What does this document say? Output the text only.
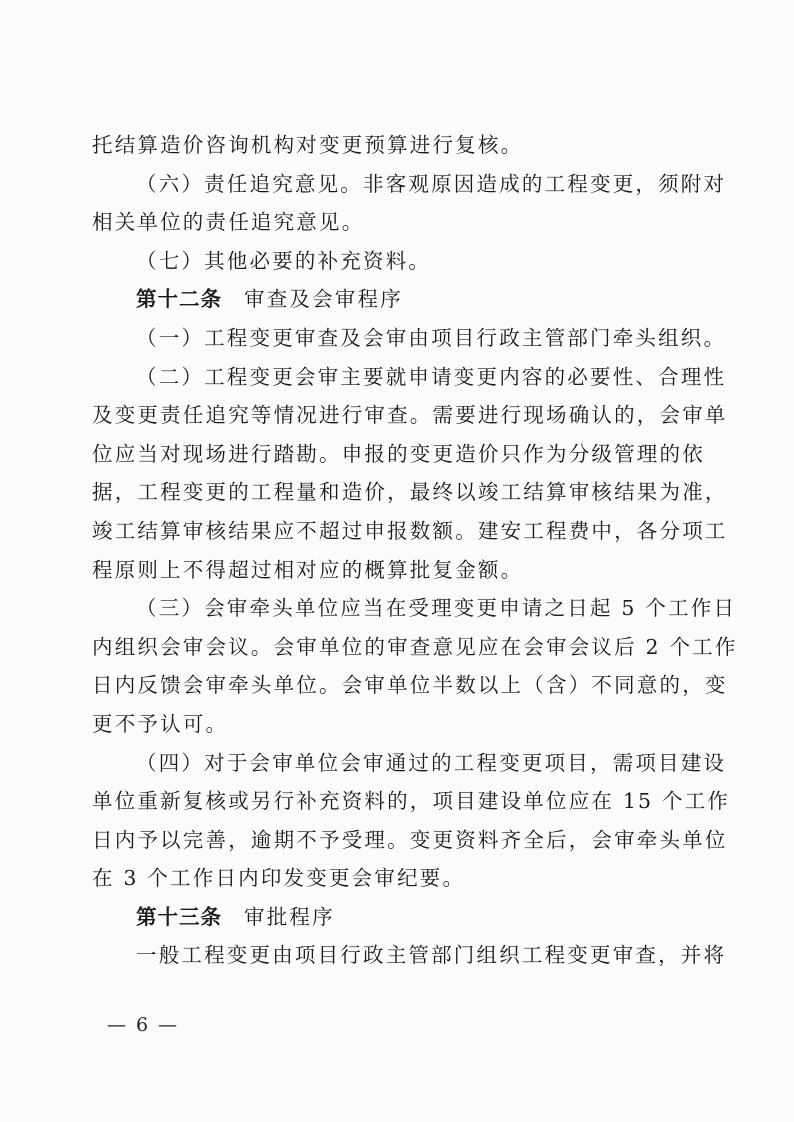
托结算造价咨询机构对变更预算进行复核。

（六）责任追究意见。非客观原因造成的工程变更，须附对

相关单位的责任追究意见。

（七）其他必要的补充资料。

第十二条 审查及会审程序

（一）工程变更审查及会审由项目行政主管部门牵头组织。

（二）工程变更会审主要就申请变更内容的必要性、合理性

及变更责任追究等情况进行审查。需要进行现场确认的，会审单

位应当对现场进行踏勘。申报的变更造价只作为分级管理的依

据，工程变更的工程量和造价，最终以竣工结算审核结果为准，

竣工结算审核结果应不超过申报数额。建安工程费中，各分项工

程原则上不得超过相对应的概算批复金额。

（三）会审牵头单位应当在受理变更申请之日起 5 个工作日

内组织会审会议。会审单位的审查意见应在会审会议后 2 个工作

日内反馈会审牵头单位。会审单位半数以上（含）不同意的，变

更不予认可。

（四）对于会审单位会审通过的工程变更项目，需项目建设

单位重新复核或另行补充资料的，项目建设单位应在 15 个工作

日内予以完善，逾期不予受理。变更资料齐全后，会审牵头单位

在 3 个工作日内印发变更会审纪要。

第十三条 审批程序

一般工程变更由项目行政主管部门组织工程变更审查，并将

— 6 —
